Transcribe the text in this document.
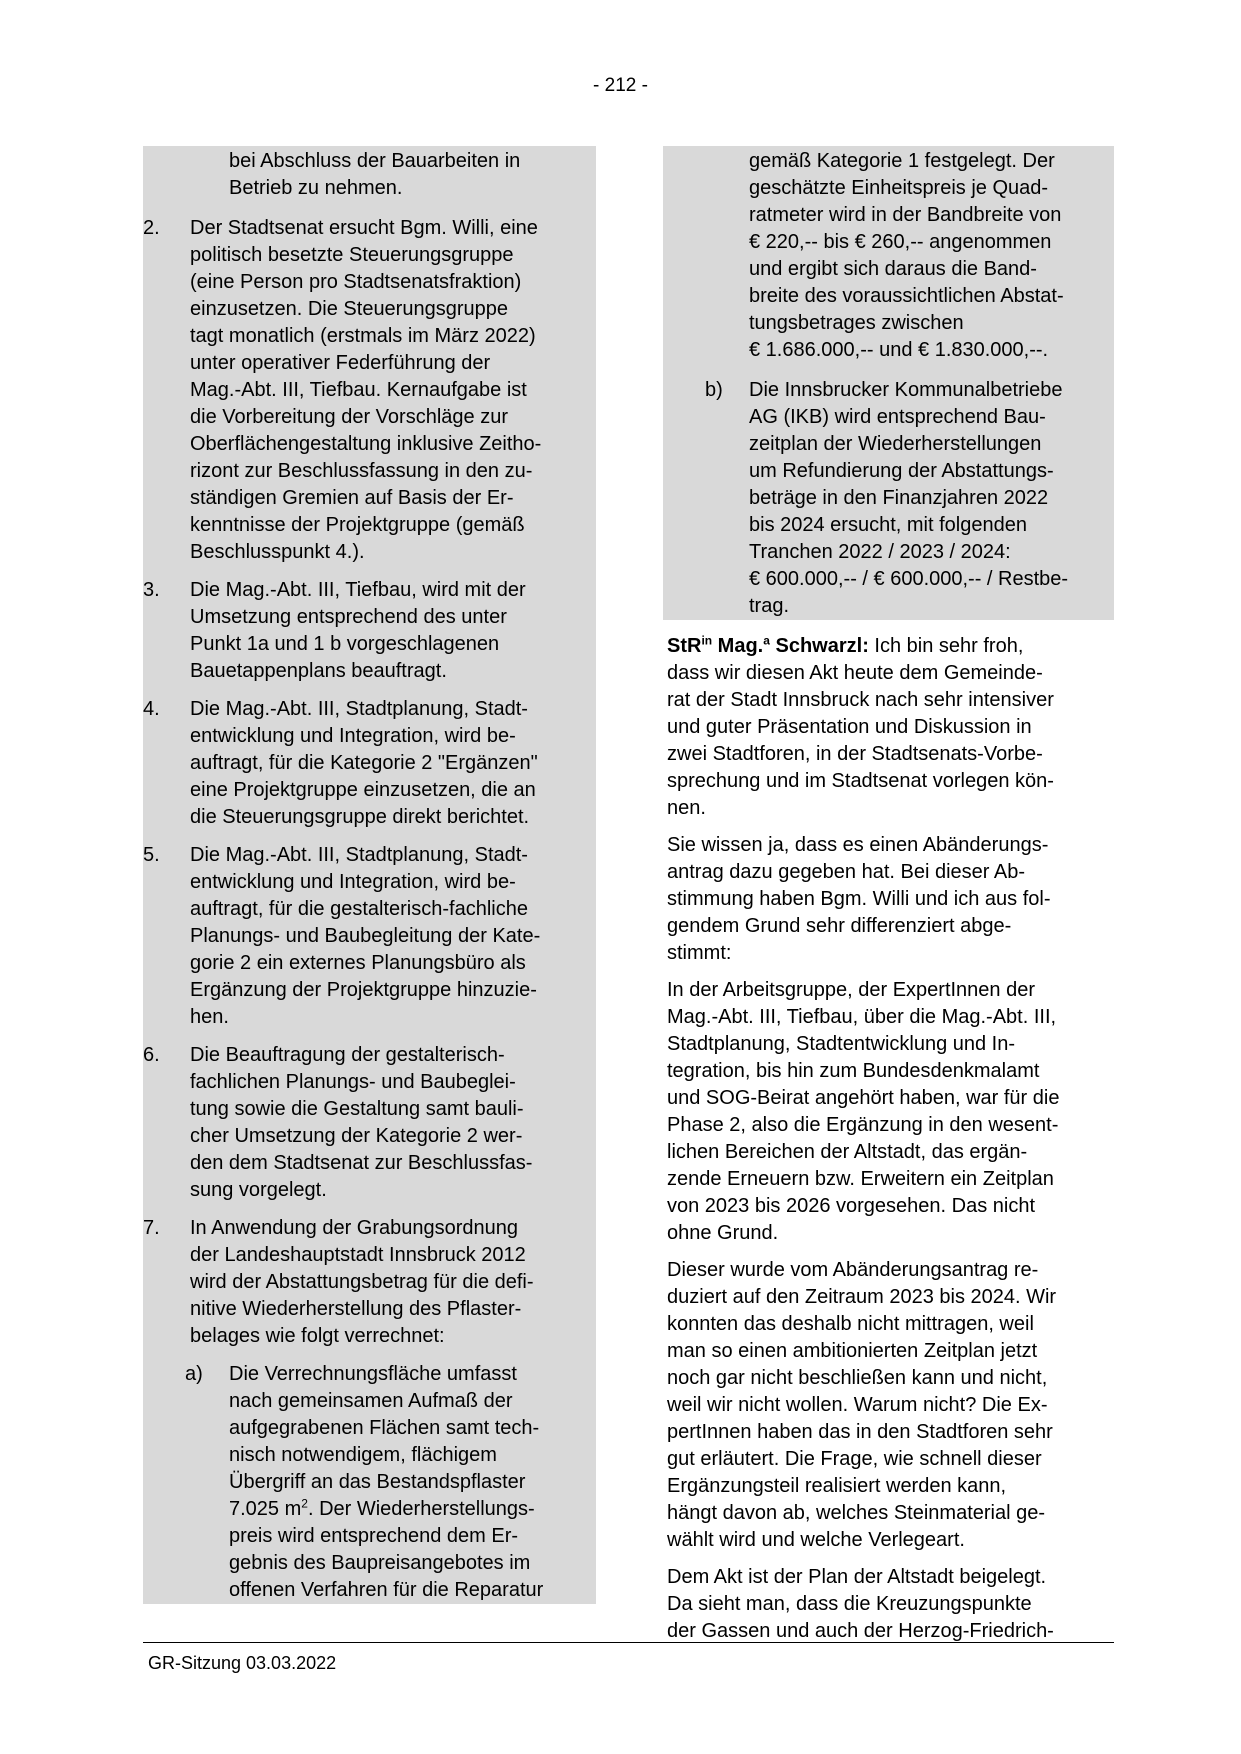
- 212 -
bei Abschluss der Bauarbeiten in
Betrieb zu nehmen.
2.	Der Stadtsenat ersucht Bgm. Willi, eine
politisch besetzte Steuerungsgruppe
(eine Person pro Stadtsenatsfraktion)
einzusetzen. Die Steuerungsgruppe
tagt monatlich (erstmals im März 2022)
unter operativer Federführung der
Mag.-Abt. III, Tiefbau. Kernaufgabe ist
die Vorbereitung der Vorschläge zur
Oberflächengestaltung inklusive Zeitho-
rizont zur Beschlussfassung in den zu-
ständigen Gremien auf Basis der Er-
kenntnisse der Projektgruppe (gemäß
Beschlusspunkt 4.).
3.	Die Mag.-Abt. III, Tiefbau, wird mit der
Umsetzung entsprechend des unter
Punkt 1a und 1 b vorgeschlagenen
Bauetappenplans beauftragt.
4.	Die Mag.-Abt. III, Stadtplanung, Stadt-
entwicklung und Integration, wird be-
auftragt, für die Kategorie 2 "Ergänzen"
eine Projektgruppe einzusetzen, die an
die Steuerungsgruppe direkt berichtet.
5.	Die Mag.-Abt. III, Stadtplanung, Stadt-
entwicklung und Integration, wird be-
auftragt, für die gestalterisch-fachliche
Planungs- und Baubegleitung der Kate-
gorie 2 ein externes Planungsbüro als
Ergänzung der Projektgruppe hinzuzie-
hen.
6.	Die Beauftragung der gestalterisch-
fachlichen Planungs- und Baubeglei-
tung sowie die Gestaltung samt bauli-
cher Umsetzung der Kategorie 2 wer-
den dem Stadtsenat zur Beschlussfas-
sung vorgelegt.
7.	In Anwendung der Grabungsordnung
der Landeshauptstadt Innsbruck 2012
wird der Abstattungsbetrag für die defi-
nitive Wiederherstellung des Pflaster-
belages wie folgt verrechnet:
a)	Die Verrechnungsfläche umfasst
nach gemeinsamen Aufmaß der
aufgegrabenen Flächen samt tech-
nisch notwendigem, flächigem
Übergriff an das Bestandspflaster
7.025 $m^2$. Der Wiederherstellungs-
preis wird entsprechend dem Er-
gebnis des Baupreisangebotes im
offenen Verfahren für die Reparatur
gemäß Kategorie 1 festgelegt. Der
geschätzte Einheitspreis je Quad-
ratmeter wird in der Bandbreite von
€ 220,-- bis € 260,-- angenommen
und ergibt sich daraus die Band-
breite des voraussichtlichen Abstat-
tungsbetrages zwischen
€ 1.686.000,-- und € 1.830.000,--.
b)	Die Innsbrucker Kommunalbetriebe
AG (IKB) wird entsprechend Bau-
zeitplan der Wiederherstellungen
um Refundierung der Abstattungs-
beträge in den Finanzjahren 2022
bis 2024 ersucht, mit folgenden
Tranchen 2022 / 2023 / 2024:
€ 600.000,-- / € 600.000,-- / Restbe-
trag.
StR$^{in}$ Mag.$^a$ Schwarzl: Ich bin sehr froh,
dass wir diesen Akt heute dem Gemeinde-
rat der Stadt Innsbruck nach sehr intensiver
und guter Präsentation und Diskussion in
zwei Stadtforen, in der Stadtsenats-Vorbe-
sprechung und im Stadtsenat vorlegen kön-
nen.
Sie wissen ja, dass es einen Abänderungs-
antrag dazu gegeben hat. Bei dieser Ab-
stimmung haben Bgm. Willi und ich aus fol-
gendem Grund sehr differenziert abge-
stimmt:
In der Arbeitsgruppe, der ExpertInnen der
Mag.-Abt. III, Tiefbau, über die Mag.-Abt. III,
Stadtplanung, Stadtentwicklung und In-
tegration, bis hin zum Bundesdenkmalamt
und SOG-Beirat angehört haben, war für die
Phase 2, also die Ergänzung in den wesent-
lichen Bereichen der Altstadt, das ergän-
zende Erneuern bzw. Erweitern ein Zeitplan
von 2023 bis 2026 vorgesehen. Das nicht
ohne Grund.
Dieser wurde vom Abänderungsantrag re-
duziert auf den Zeitraum 2023 bis 2024. Wir
konnten das deshalb nicht mittragen, weil
man so einen ambitionierten Zeitplan jetzt
noch gar nicht beschließen kann und nicht,
weil wir nicht wollen. Warum nicht? Die Ex-
pertInnen haben das in den Stadtforen sehr
gut erläutert. Die Frage, wie schnell dieser
Ergänzungsteil realisiert werden kann,
hängt davon ab, welches Steinmaterial ge-
wählt wird und welche Verlegeart.
Dem Akt ist der Plan der Altstadt beigelegt.
Da sieht man, dass die Kreuzungspunkte
der Gassen und auch der Herzog-Friedrich-
GR-Sitzung 03.03.2022
